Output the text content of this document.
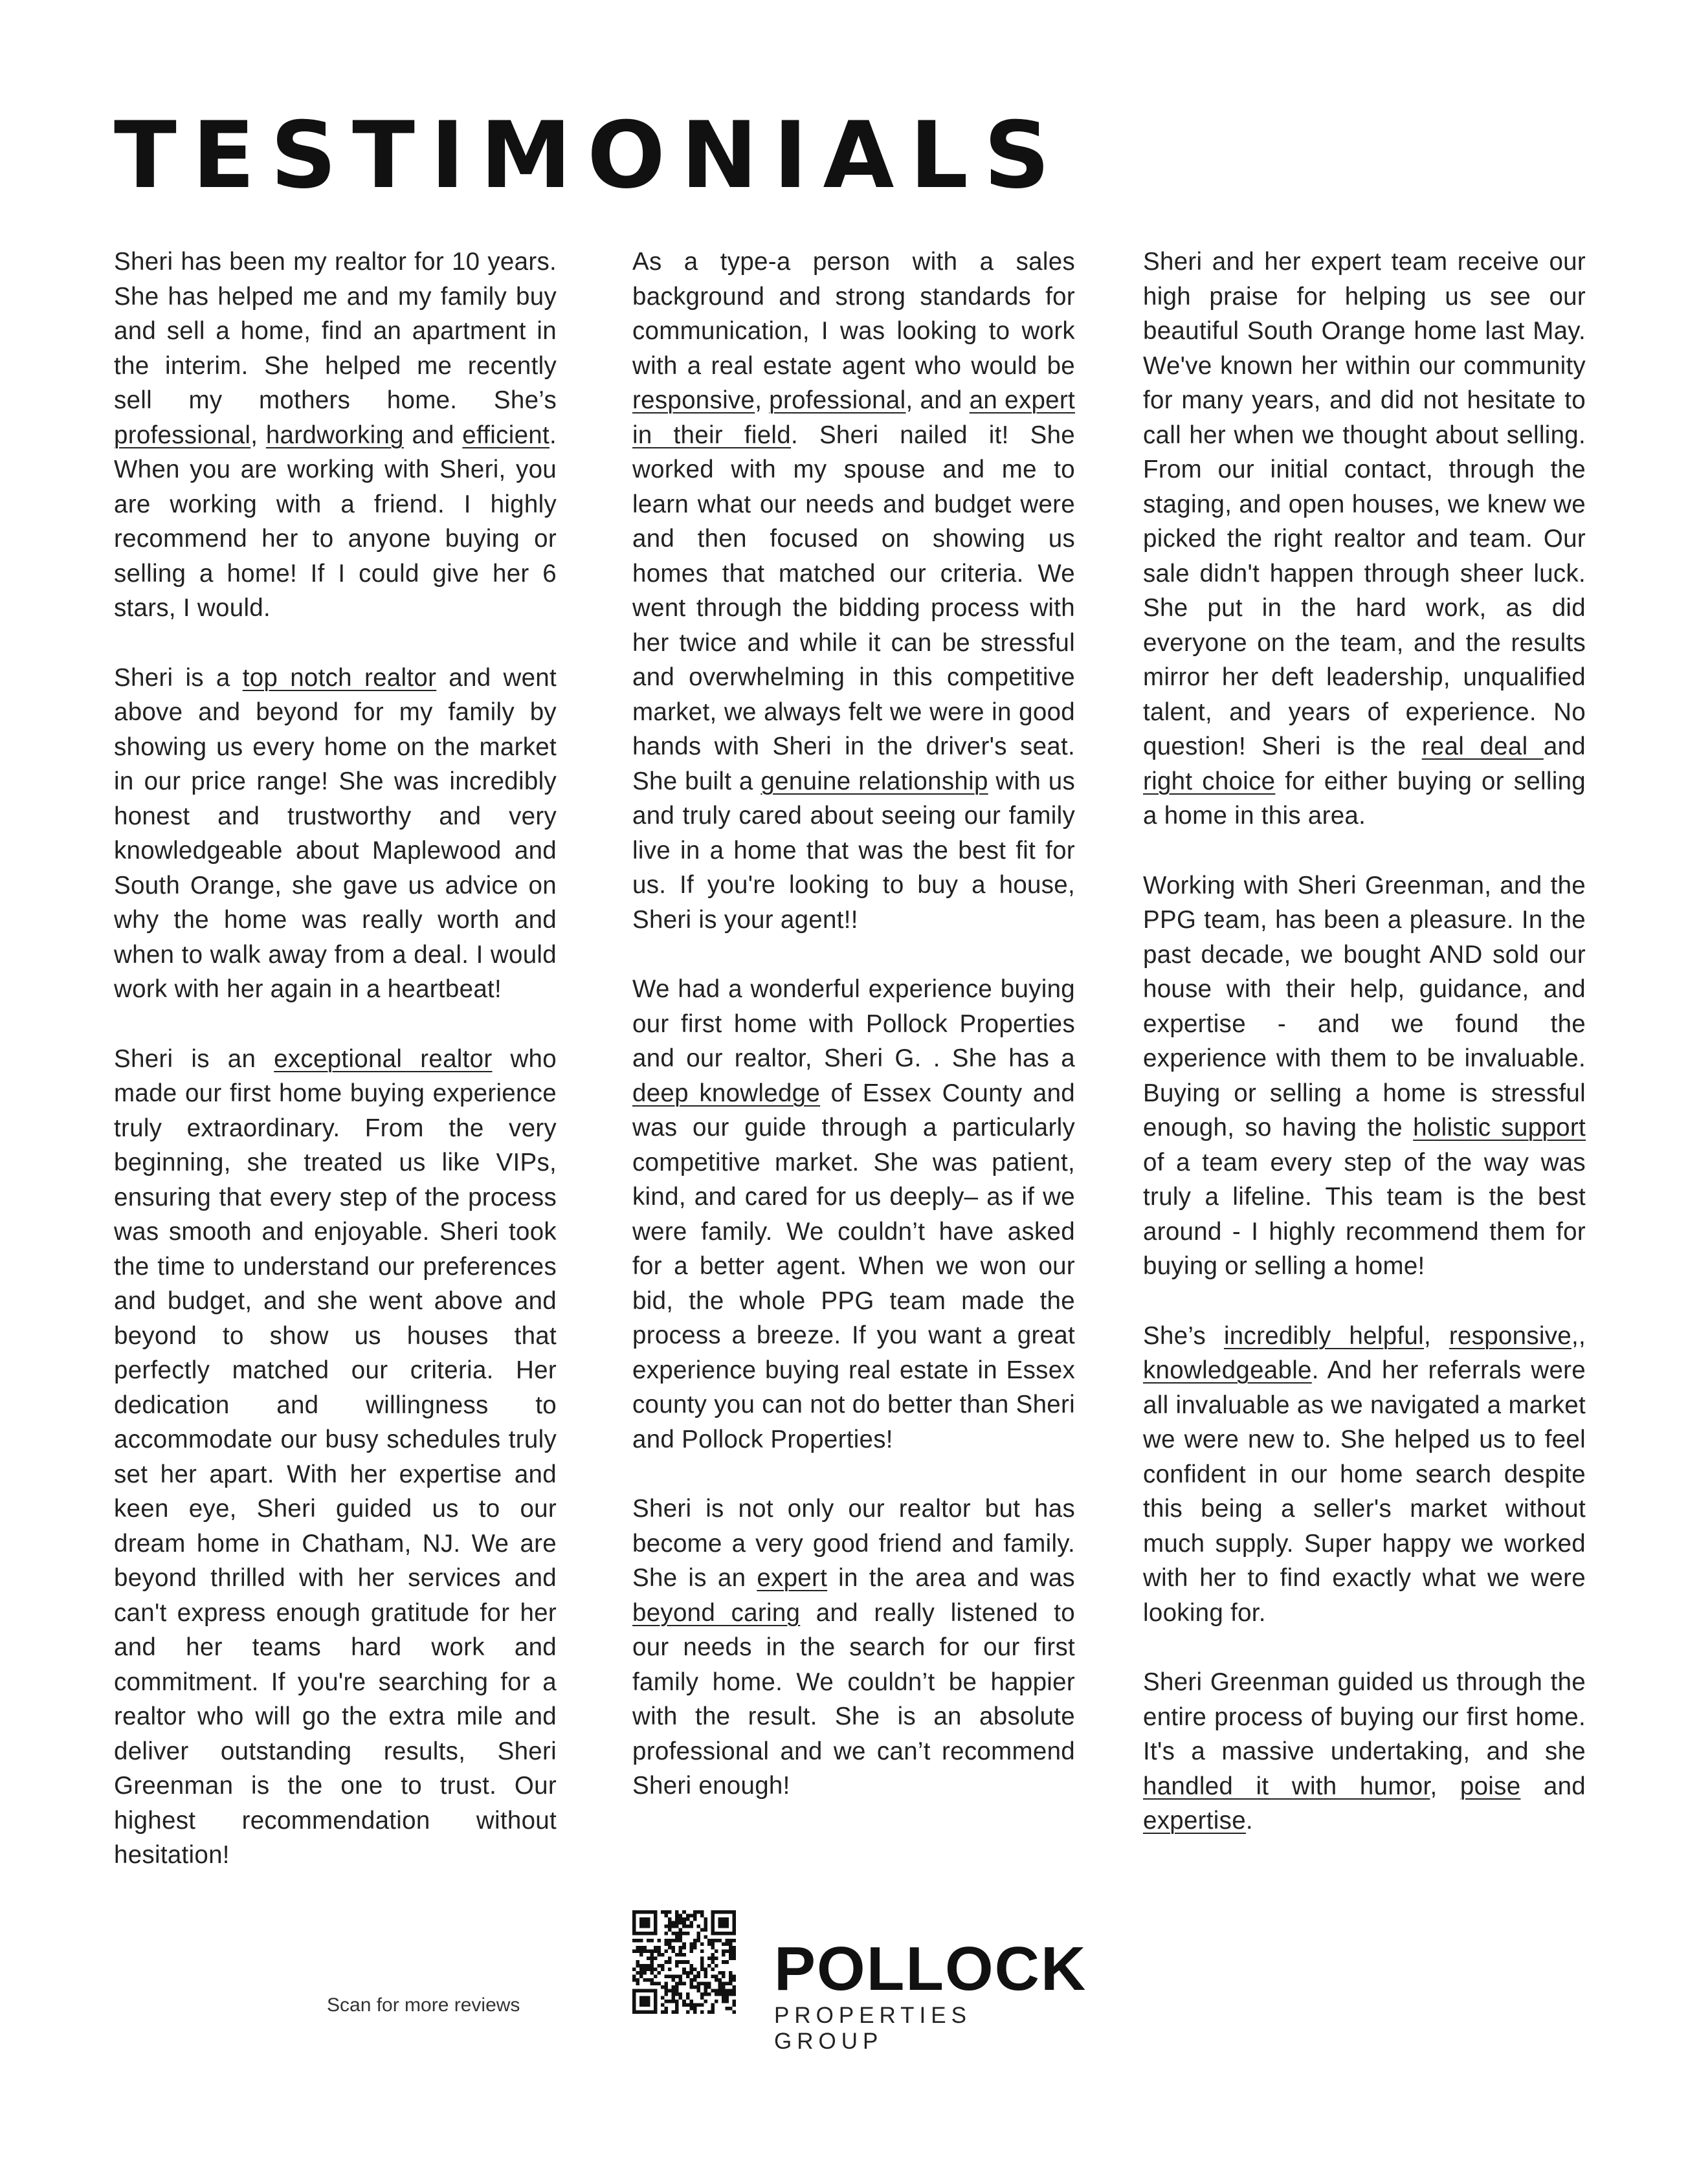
TESTIMONIALS

Sheri has been my realtor for 10 years. She has helped me and my family buy and sell a home, find an apartment in the interim. She helped me recently sell my mothers home. She’s professional, hardworking and efficient. When you are working with Sheri, you are working with a friend. I highly recommend her to anyone buying or selling a home! If I could give her 6 stars, I would.

Sheri is a top notch realtor and went above and beyond for my family by showing us every home on the market in our price range! She was incredibly honest and trustworthy and very knowledgeable about Maplewood and South Orange, she gave us advice on why the home was really worth and when to walk away from a deal. I would work with her again in a heartbeat!

Sheri is an exceptional realtor who made our first home buying experience truly extraordinary. From the very beginning, she treated us like VIPs, ensuring that every step of the process was smooth and enjoyable. Sheri took the time to understand our preferences and budget, and she went above and beyond to show us houses that perfectly matched our criteria. Her dedication and willingness to accommodate our busy schedules truly set her apart. With her expertise and keen eye, Sheri guided us to our dream home in Chatham, NJ. We are beyond thrilled with her services and can't express enough gratitude for her and her teams hard work and commitment. If you're searching for a realtor who will go the extra mile and deliver outstanding results, Sheri Greenman is the one to trust. Our highest recommendation without hesitation!

As a type-a person with a sales background and strong standards for communication, I was looking to work with a real estate agent who would be responsive, professional, and an expert in their field. Sheri nailed it! She worked with my spouse and me to learn what our needs and budget were and then focused on showing us homes that matched our criteria. We went through the bidding process with her twice and while it can be stressful and overwhelming in this competitive market, we always felt we were in good hands with Sheri in the driver's seat. She built a genuine relationship with us and truly cared about seeing our family live in a home that was the best fit for us. If you're looking to buy a house, Sheri is your agent!!

We had a wonderful experience buying our first home with Pollock Properties and our realtor, Sheri G. . She has a deep knowledge of Essex County and was our guide through a particularly competitive market. She was patient, kind, and cared for us deeply– as if we were family. We couldn’t have asked for a better agent. When we won our bid, the whole PPG team made the process a breeze. If you want a great experience buying real estate in Essex county you can not do better than Sheri and Pollock Properties!

Sheri is not only our realtor but has become a very good friend and family. She is an expert in the area and was beyond caring and really listened to our needs in the search for our first family home. We couldn’t be happier with the result. She is an absolute professional and we can’t recommend Sheri enough!

Sheri and her expert team receive our high praise for helping us see our beautiful South Orange home last May. We've known her within our community for many years, and did not hesitate to call her when we thought about selling. From our initial contact, through the staging, and open houses, we knew we picked the right realtor and team. Our sale didn't happen through sheer luck. She put in the hard work, as did everyone on the team, and the results mirror her deft leadership, unqualified talent, and years of experience. No question! Sheri is the real deal and right choice for either buying or selling a home in this area.

Working with Sheri Greenman, and the PPG team, has been a pleasure. In the past decade, we bought AND sold our house with their help, guidance, and expertise - and we found the experience with them to be invaluable. Buying or selling a home is stressful enough, so having the holistic support of a team every step of the way was truly a lifeline. This team is the best around - I highly recommend them for buying or selling a home!

She’s incredibly helpful, responsive,, knowledgeable. And her referrals were all invaluable as we navigated a market we were new to. She helped us to feel confident in our home search despite this being a seller's market without much supply. Super happy we worked with her to find exactly what we were looking for.

Sheri Greenman guided us through the entire process of buying our first home. It's a massive undertaking, and she handled it with humor, poise and expertise.

Scan for more reviews
POLLOCK
PROPERTIES GROUP
